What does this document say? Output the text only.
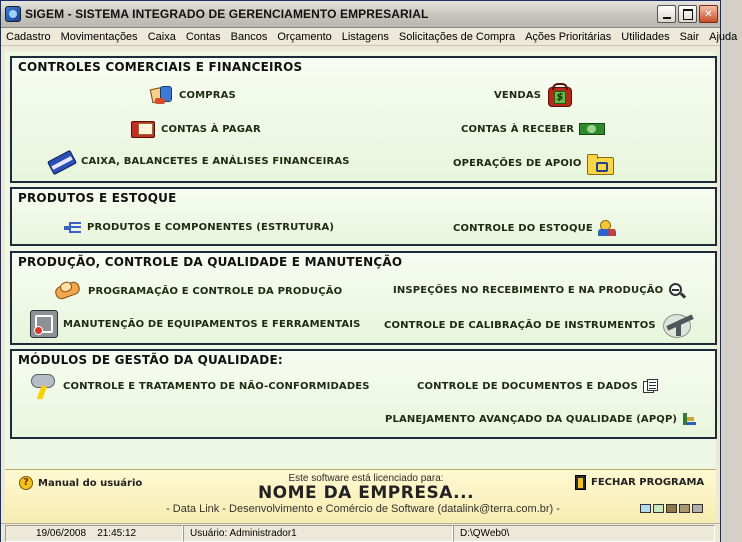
SIGEM - SISTEMA INTEGRADO DE GERENCIAMENTO EMPRESARIAL	✕
Cadastro Movimentações Caixa Contas Bancos Orçamento Listagens Solicitações de Compra Ações Prioritárias Utilidades Sair Ajuda
CONTROLES COMERCIAIS E FINANCEIROS
COMPRAS	VENDAS $
CONTAS À PAGAR	CONTAS À RECEBER
CAIXA, BALANCETES E ANÁLISES FINANCEIRAS	OPERAÇÕES DE APOIO
PRODUTOS E ESTOQUE
PRODUTOS E COMPONENTES (ESTRUTURA)	CONTROLE DO ESTOQUE
PRODUÇÃO, CONTROLE DA QUALIDADE E MANUTENÇÃO
PROGRAMAÇÃO E CONTROLE DA PRODUÇÃO	INSPEÇÕES NO RECEBIMENTO E NA PRODUÇÃO
MANUTENÇÃO DE EQUIPAMENTOS E FERRAMENTAIS CONTROLE DE CALIBRAÇÃO DE INSTRUMENTOS
MÓDULOS DE GESTÃO DA QUALIDADE:
CONTROLE E TRATAMENTO DE NÃO-CONFORMIDADES	CONTROLE DE DOCUMENTOS E DADOS
PLANEJAMENTO AVANÇADO DA QUALIDADE (APQP)
? Manual do usuário	Este software está licenciado para:
NOME DA EMPRESA...
- Data Link - Desenvolvimento e Comércio de Software (datalink@terra.com.br) -
FECHAR PROGRAMA
19/06/2008 21:45:12	Usuário: Administrador1	D:\QWeb0\
